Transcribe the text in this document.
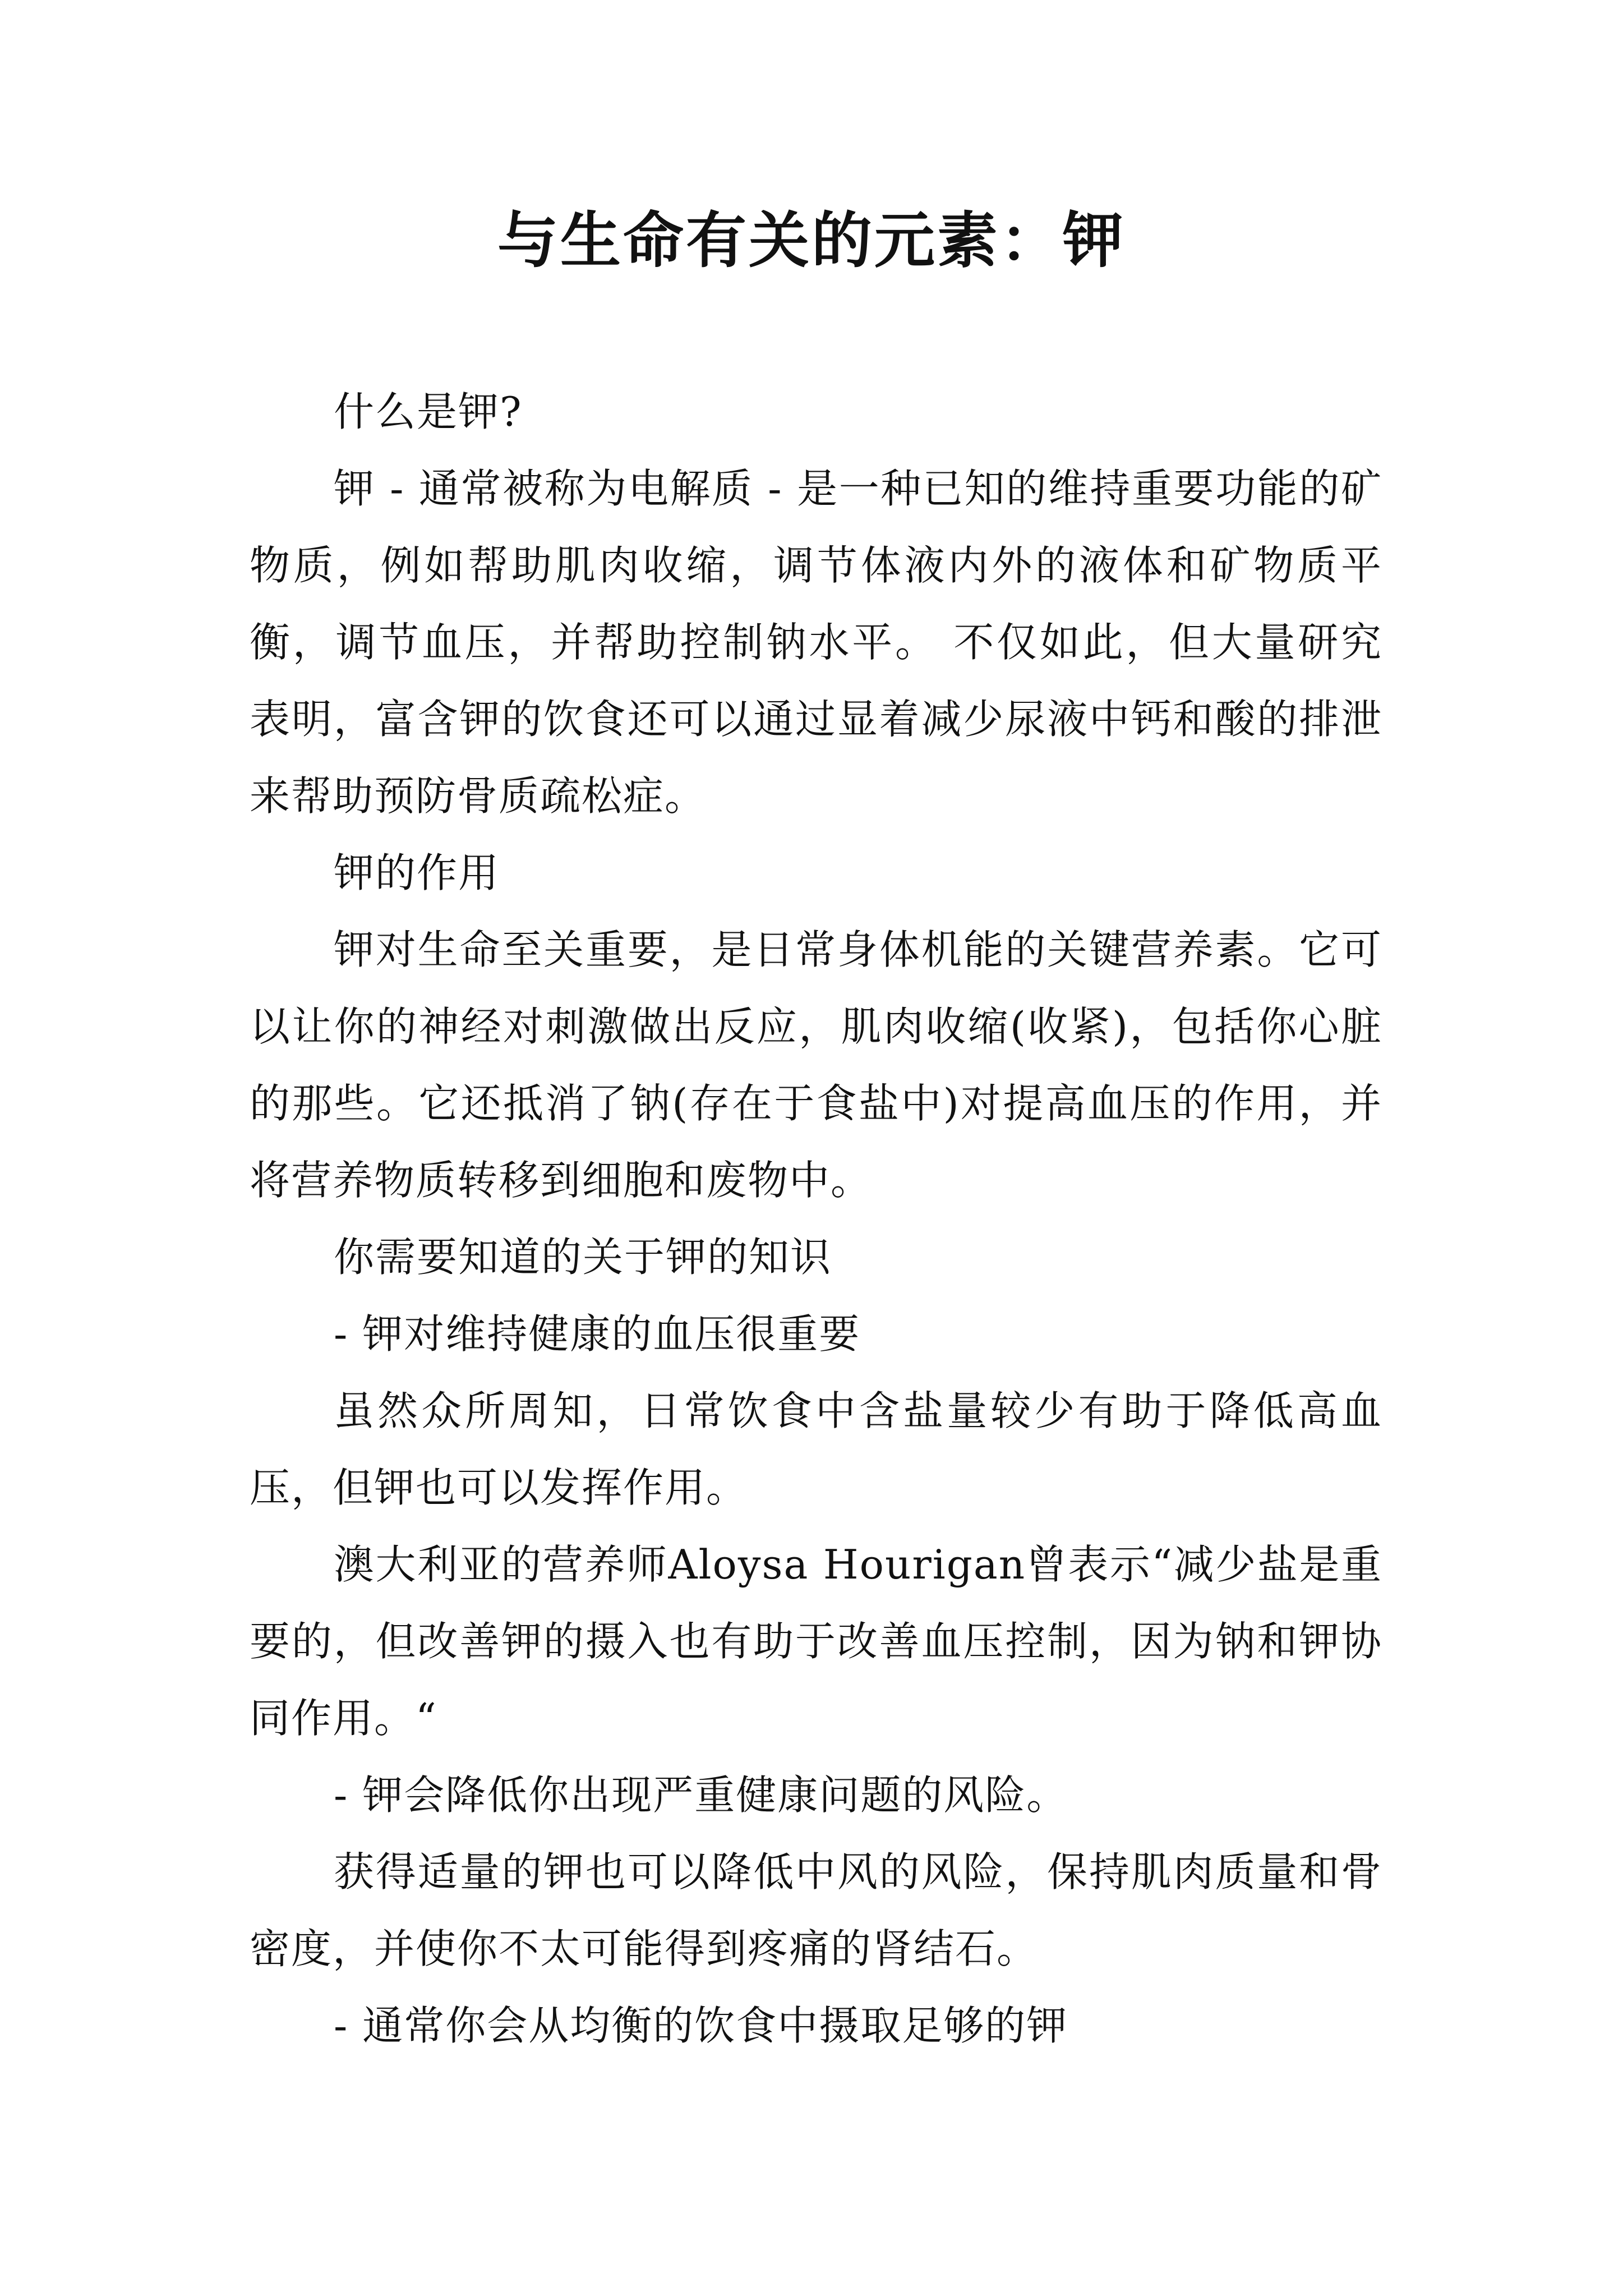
与生命有关的元素：钾

什么是钾?

钾 - 通常被称为电解质 - 是一种已知的维持重要功能的矿物质，例如帮助肌肉收缩，调节体液内外的液体和矿物质平衡，调节血压，并帮助控制钠水平。 不仅如此，但大量研究表明，富含钾的饮食还可以通过显着减少尿液中钙和酸的排泄来帮助预防骨质疏松症。

钾的作用

钾对生命至关重要，是日常身体机能的关键营养素。它可以让你的神经对刺激做出反应，肌肉收缩(收紧)，包括你心脏的那些。它还抵消了钠(存在于食盐中)对提高血压的作用，并将营养物质转移到细胞和废物中。

你需要知道的关于钾的知识

- 钾对维持健康的血压很重要

虽然众所周知，日常饮食中含盐量较少有助于降低高血压，但钾也可以发挥作用。

澳大利亚的营养师Aloysa Hourigan曾表示“减少盐是重要的，但改善钾的摄入也有助于改善血压控制，因为钠和钾协同作用。“

- 钾会降低你出现严重健康问题的风险。

获得适量的钾也可以降低中风的风险，保持肌肉质量和骨密度，并使你不太可能得到疼痛的肾结石。

- 通常你会从均衡的饮食中摄取足够的钾
